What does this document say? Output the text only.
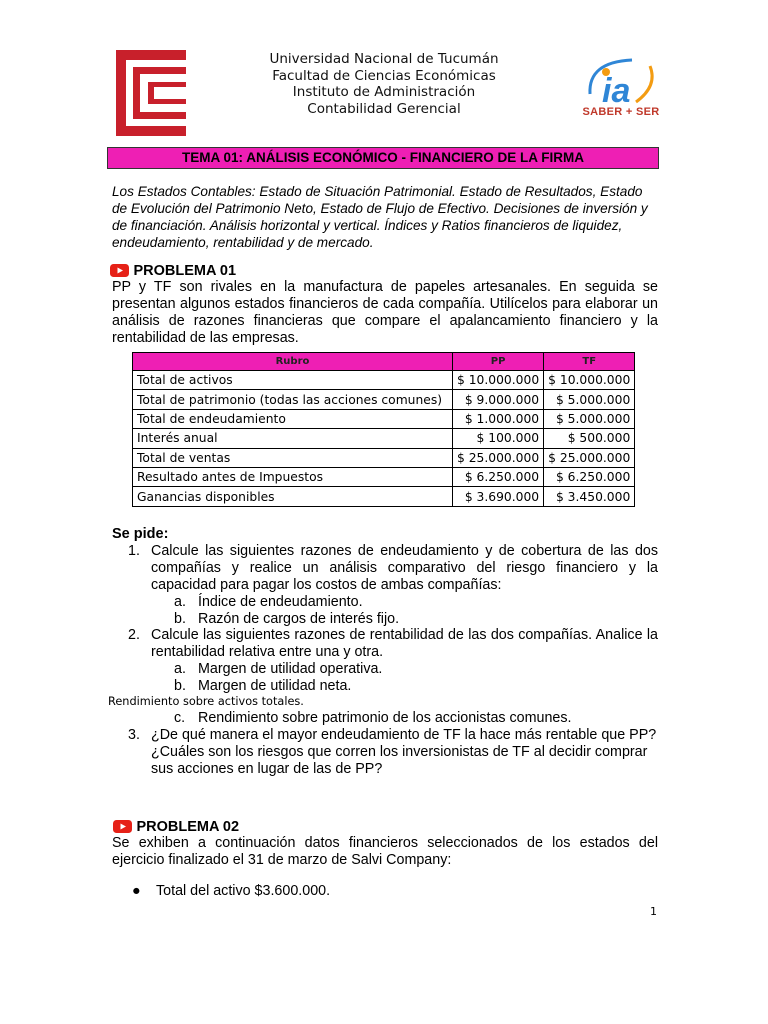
Universidad Nacional de Tucumán
Facultad de Ciencias Económicas
Instituto de Administración
Contabilidad Gerencial	ia
SABER + SER
TEMA 01: ANÁLISIS ECONÓMICO - FINANCIERO DE LA FIRMA
Los Estados Contables: Estado de Situación Patrimonial. Estado de Resultados, Estado de Evolución del Patrimonio Neto, Estado de Flujo de Efectivo. Decisiones de inversión y de financiación. Análisis horizontal y vertical. Índices y Ratios financieros de liquidez, endeudamiento, rentabilidad y de mercado.
PROBLEMA 01
PP y TF son rivales en la manufactura de papeles artesanales. En seguida se presentan algunos estados financieros de cada compañía. Utilícelos para elaborar un análisis de razones financieras que compare el apalancamiento financiero y la rentabilidad de las empresas.
Rubro	PP	TF
Total de activos	$ 10.000.000	$ 10.000.000
Total de patrimonio (todas las acciones comunes)	$ 9.000.000	$ 5.000.000
Total de endeudamiento	$ 1.000.000	$ 5.000.000
Interés anual	$ 100.000	$ 500.000
Total de ventas	$ 25.000.000	$ 25.000.000
Resultado antes de Impuestos	$ 6.250.000	$ 6.250.000
Ganancias disponibles	$ 3.690.000	$ 3.450.000
Se pide:
1. Calcule las siguientes razones de endeudamiento y de cobertura de las dos compañías y realice un análisis comparativo del riesgo financiero y la capacidad para pagar los costos de ambas compañías:
a. Índice de endeudamiento.
b. Razón de cargos de interés fijo.
2. Calcule las siguientes razones de rentabilidad de las dos compañías. Analice la rentabilidad relativa entre una y otra.
a. Margen de utilidad operativa.
b. Margen de utilidad neta.
Rendimiento sobre activos totales.
c. Rendimiento sobre patrimonio de los accionistas comunes.
3. ¿De qué manera el mayor endeudamiento de TF la hace más rentable que PP? ¿Cuáles son los riesgos que corren los inversionistas de TF al decidir comprar sus acciones en lugar de las de PP?
PROBLEMA 02
Se exhiben a continuación datos financieros seleccionados de los estados del ejercicio finalizado el 31 de marzo de Salvi Company:
● Total del activo $3.600.000.
1
